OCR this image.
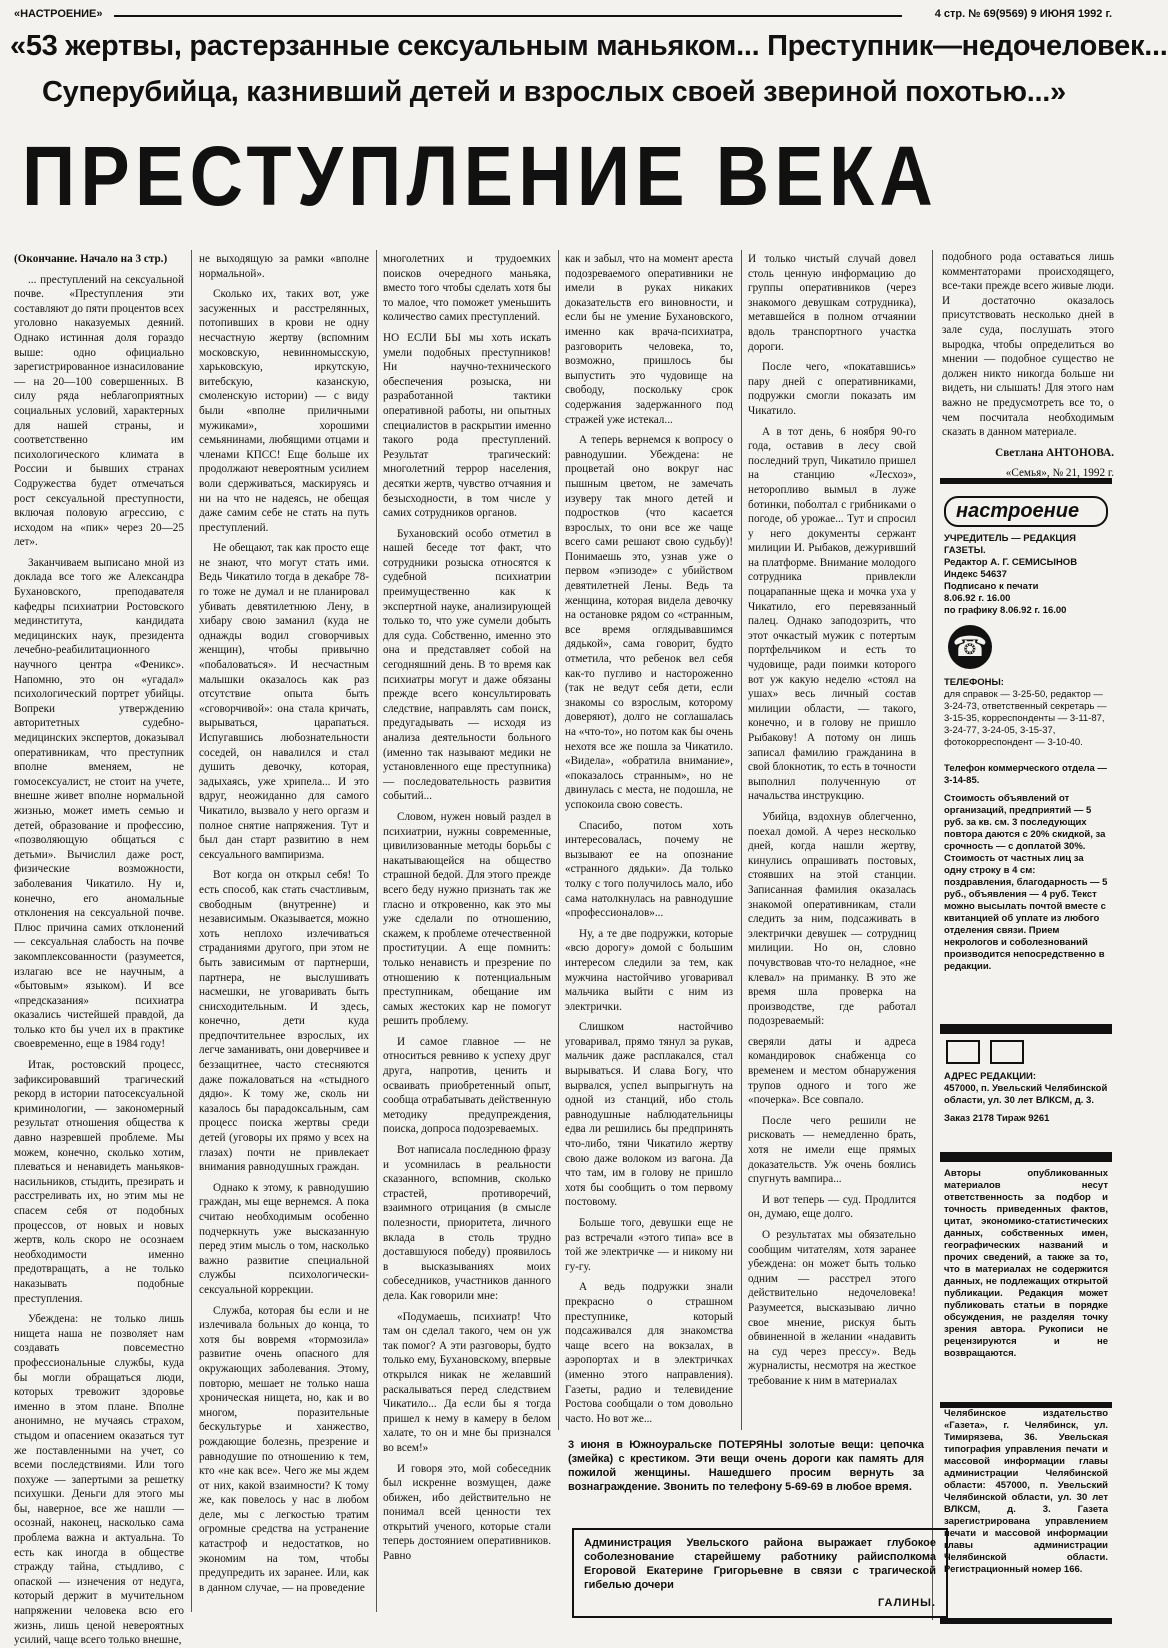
«НАСТРОЕНИЕ»	4 стр. № 69(9569) 9 ИЮНЯ 1992 г.
«53 жертвы, растерзанные сексуальным маньяком... Преступник—недочеловек...
Суперубийца, казнивший детей и взрослых своей звериной похотью...»
ПРЕСТУПЛЕНИЕ ВЕКА

(Окончание. Начало на 3 стр.)

... преступлений на сексуальной почве. «Преступления эти составляют до пяти процентов всех уголовно наказуемых деяний. Однако истинная доля гораздо выше: одно официально зарегистрированное изнасилование — на 20—100 совершенных. В силу ряда неблагоприятных социальных условий, характерных для нашей страны, и соответственно им психологического климата в России и бывших странах Содружества будет отмечаться рост сексуальной преступности, включая половую агрессию, с исходом на «пик» через 20—25 лет».

Заканчиваем выписано мной из доклада все того же Александра Бухановского, преподавателя кафедры психиатрии Ростовского мединститута, кандидата медицинских наук, президента лечебно-реабилитационного научного центра «Феникс». Напомню, это он «угадал» психологический портрет убийцы. Вопреки утверждению авторитетных судебно-медицинских экспертов, доказывал оперативникам, что преступник вполне вменяем, не гомосексуалист, не стоит на учете, внешне живет вполне нормальной жизнью, может иметь семью и детей, образование и профессию, «позволяющую общаться с детьми». Вычислил даже рост, физические возможности, заболевания Чикатило. Ну и, конечно, его аномальные отклонения на сексуальной почве. Плюс причина самих отклонений — сексуальная слабость на почве закомплексованности (разумеется, излагаю все не научным, а «бытовым» языком). И все «предсказания» психиатра оказались чистейшей правдой, да только кто бы учел их в практике своевременно, еще в 1984 году!

Итак, ростовский процесс, зафиксировавший трагический рекорд в истории патосексуальной криминологии, — закономерный результат отношения общества к давно назревшей проблеме. Мы можем, конечно, сколько хотим, плеваться и ненавидеть маньяков-насильников, стыдить, презирать и расстреливать их, но этим мы не спасем себя от подобных процессов, от новых и новых жертв, коль скоро не осознаем необходимости именно предотвращать, а не только наказывать подобные преступления.

Убеждена: не только лишь нищета наша не позволяет нам создавать повсеместно профессиональные службы, куда бы могли обращаться люди, которых тревожит здоровье именно в этом плане. Вполне анонимно, не мучаясь страхом, стыдом и опасением оказаться тут же поставленными на учет, со всеми последствиями. Или того похуже — запертыми за решетку психушки. Деньги для этого мы бы, наверное, все же нашли — осознай, наконец, насколько сама проблема важна и актуальна. То есть как иногда в обществе стражду тайна, стыдливо, с опаской — изнечения от недуга, который держит в мучительном напряжении человека всю его жизнь, лишь ценой невероятных усилий, чаще всего только внешне,

не выходящую за рамки «вполне нормальной».

Сколько их, таких вот, уже засуженных и расстрелянных, потопивших в крови не одну несчастную жертву (вспомним московскую, невинномысскую, харьковскую, иркутскую, витебскую, казанскую, смоленскую истории) — с виду были «вполне приличными мужиками», хорошими семьянинами, любящими отцами и членами КПСС! Еще больше их продолжают невероятным усилием воли сдерживаться, маскируясь и ни на что не надеясь, не обещая даже самим себе не стать на путь преступлений.

Не обещают, так как просто еще не знают, что могут стать ими. Ведь Чикатило тогда в декабре 78-го тоже не думал и не планировал убивать девятилетнюю Лену, в хибару свою заманил (куда не однажды водил сговорчивых женщин), чтобы привычно «побаловаться». И несчастным малышки оказалось как раз отсутствие опыта быть «сговорчивой»: она стала кричать, вырываться, царапаться. Испугавшись любознательности соседей, он навалился и стал душить девочку, которая, задыхаясь, уже хрипела... И это вдруг, неожиданно для самого Чикатило, вызвало у него оргазм и полное снятие напряжения. Тут и был дан старт развитию в нем сексуального вампиризма.

Вот когда он открыл себя! То есть способ, как стать счастливым, свободным (внутренне) и независимым. Оказывается, можно хоть неплохо излечиваться страданиями другого, при этом не быть зависимым от партнерши, партнера, не выслушивать насмешки, не уговаривать быть снисходительным. И здесь, конечно, дети куда предпочтительнее взрослых, их легче заманивать, они доверчивее и беззащитнее, часто стесняются даже пожаловаться на «стыдного дядю». К тому же, сколь ни казалось бы парадоксальным, сам процесс поиска жертвы среди детей (уговоры их прямо у всех на глазах) почти не привлекает внимания равнодушных граждан.

Однако к этому, к равнодушию граждан, мы еще вернемся. А пока считаю необходимым особенно подчеркнуть уже высказанную перед этим мысль о том, насколько важно развитие специальной службы психологически-сексуальной коррекции.

Служба, которая бы если и не излечивала больных до конца, то хотя бы вовремя «тормозила» развитие очень опасного для окружающих заболевания. Этому, повторю, мешает не только наша хроническая нищета, но, как и во многом, поразительные бескультурье и ханжество, рождающие болезнь, презрение и равнодушие по отношению к тем, кто «не как все». Чего же мы ждем от них, какой взаимности? К тому же, как повелось у нас в любом деле, мы с легкостью тратим огромные средства на устранение катастроф и недостатков, но экономим на том, чтобы предупредить их заранее. Или, как в данном случае, — на проведение

многолетних и трудоемких поисков очередного маньяка, вместо того чтобы сделать хотя бы то малое, что поможет уменьшить количество самих преступлений.

НО ЕСЛИ БЫ мы хоть искать умели подобных преступников! Ни научно-технического обеспечения розыска, ни разработанной тактики оперативной работы, ни опытных специалистов в раскрытии именно такого рода преступлений. Результат трагический: многолетний террор населения, десятки жертв, чувство отчаяния и безысходности, в том числе у самих сотрудников органов.

Бухановский особо отметил в нашей беседе тот факт, что сотрудники розыска относятся к судебной психиатрии преимущественно как к экспертной науке, анализирующей только то, что уже сумели добыть для суда. Собственно, именно это она и представляет собой на сегодняшний день. В то время как психиатры могут и даже обязаны прежде всего консультировать следствие, направлять сам поиск, предугадывать — исходя из анализа деятельности больного (именно так называют медики не установленного еще преступника) — последовательность развития событий...

Словом, нужен новый раздел в психиатрии, нужны современные, цивилизованные методы борьбы с накатывающейся на общество страшной бедой. Для этого прежде всего беду нужно признать так же гласно и откровенно, как это мы уже сделали по отношению, скажем, к проблеме отечественной проституции. А еще помнить: только ненависть и презрение по отношению к потенциальным преступникам, обещание им самых жестоких кар не помогут решить проблему.

И самое главное — не относиться ревниво к успеху друг друга, напротив, ценить и осваивать приобретенный опыт, сообща отрабатывать действенную методику предупреждения, поиска, допроса подозреваемых.

Вот написала последнюю фразу и усомнилась в реальности сказанного, вспомнив, сколько страстей, противоречий, взаимного отрицания (в смысле полезности, приоритета, личного вклада в столь трудно доставшуюся победу) проявилось в высказываниях моих собеседников, участников данного дела. Как говорили мне:

«Подумаешь, психиатр! Что там он сделал такого, чем он уж так помог? А эти разговоры, будто только ему, Бухановскому, впервые открылся никак не желавший раскалываться перед следствием Чикатило... Да если бы я тогда пришел к нему в камеру в белом халате, то он и мне бы признался во всем!»

И говоря это, мой собеседник был искренне возмущен, даже обижен, ибо действительно не понимал всей ценности тех открытий ученого, которые стали теперь достоянием оперативников. Равно

как и забыл, что на момент ареста подозреваемого оперативники не имели в руках никаких доказательств его виновности, и если бы не умение Бухановского, именно как врача-психиатра, разговорить человека, то, возможно, пришлось бы выпустить это чудовище на свободу, поскольку срок содержания задержанного под стражей уже истекал...

А теперь вернемся к вопросу о равнодушии. Убеждена: не процветай оно вокруг нас пышным цветом, не замечать изуверу так много детей и подростков (что касается взрослых, то они все же чаще всего сами решают свою судьбу)! Понимаешь это, узнав уже о первом «эпизоде» с убийством девятилетней Лены. Ведь та женщина, которая видела девочку на остановке рядом со «странным, все время оглядывавшимся дядькой», сама говорит, будто отметила, что ребенок вел себя как-то пугливо и настороженно (так не ведут себя дети, если знакомы со взрослым, которому доверяют), долго не соглашалась на «что-то», но потом как бы очень нехотя все же пошла за Чикатило. «Видела», «обратила внимание», «показалось странным», но не двинулась с места, не подошла, не успокоила свою совесть.

Спасибо, потом хоть интересовалась, почему не вызывают ее на опознание «странного дядьки». Да только толку с того получилось мало, ибо сама натолкнулась на равнодушие «профессионалов»...

Ну, а те две подружки, которые «всю дорогу» домой с большим интересом следили за тем, как мужчина настойчиво уговаривал мальчика выйти с ним из электрички.

Слишком настойчиво уговаривал, прямо тянул за рукав, мальчик даже расплакался, стал вырываться. И слава Богу, что вырвался, успел выпрыгнуть на одной из станций, ибо столь равнодушные наблюдательницы едва ли решились бы предпринять что-либо, тяни Чикатило жертву свою даже волоком из вагона. Да что там, им в голову не пришло хотя бы сообщить о том первому постовому.

Больше того, девушки еще не раз встречали «этого типа» все в той же электричке — и никому ни гу-гу.

А ведь подружки знали прекрасно о страшном преступнике, который подсаживался для знакомства чаще всего на вокзалах, в аэропортах и в электричках (именно этого направления). Газеты, радио и телевидение Ростова сообщали о том довольно часто. Но вот же...

И только чистый случай довел столь ценную информацию до группы оперативников (через знакомого девушкам сотрудника), метавшейся в полном отчаянии вдоль транспортного участка дороги.

После чего, «покатавшись» пару дней с оперативниками, подружки смогли показать им Чикатило.

А в тот день, 6 ноября 90-го года, оставив в лесу свой последний труп, Чикатило пришел на станцию «Лесхоз», неторопливо вымыл в луже ботинки, поболтал с грибниками о погоде, об урожае... Тут и спросил у него документы сержант милиции И. Рыбаков, дежуривший на платформе. Внимание молодого сотрудника привлекли поцарапанные щека и мочка уха у Чикатило, его перевязанный палец. Однако заподозрить, что этот очкастый мужик с потертым портфельчиком и есть то чудовище, ради поимки которого вот уж какую неделю «стоял на ушах» весь личный состав милиции области, — такого, конечно, и в голову не пришло Рыбакову! А потому он лишь записал фамилию гражданина в свой блокнотик, то есть в точности выполнил полученную от начальства инструкцию.

Убийца, вздохнув облегченно, поехал домой. А через несколько дней, когда нашли жертву, кинулись опрашивать постовых, стоявших на этой станции. Записанная фамилия оказалась знакомой оперативникам, стали следить за ним, подсаживать в электрички девушек — сотрудниц милиции. Но он, словно почувствовав что-то неладное, «не клевал» на приманку. В это же время шла проверка на производстве, где работал подозреваемый:

сверяли даты и адреса командировок снабженца со временем и местом обнаружения трупов одного и того же «почерка». Все совпало.

После чего решили не рисковать — немедленно брать, хотя не имели еще прямых доказательств. Уж очень боялись спугнуть вампира...

И вот теперь — суд. Продлится он, думаю, еще долго.

О результатах мы обязательно сообщим читателям, хотя заранее убеждена: он может быть только одним — расстрел этого действительно недочеловека! Разумеется, высказываю лично свое мнение, рискуя быть обвиненной в желании «надавить на суд через прессу». Ведь журналисты, несмотря на жесткое требование к ним в материалах

подобного рода оставаться лишь комментаторами происходящего, все-таки прежде всего живые люди. И достаточно оказалось присутствовать несколько дней в зале суда, послушать этого выродка, чтобы определиться во мнении — подобное существо не должен никто никогда больше ни видеть, ни слышать! Для этого нам важно не предусмотреть все то, о чем посчитала необходимым сказать в данном материале.

Светлана АНТОНОВА.

«Семья», № 21, 1992 г.

настроение
УЧРЕДИТЕЛЬ — РЕДАКЦИЯ ГАЗЕТЫ.
Редактор А. Г. СЕМИСЫНОВ
Индекс 54637
Подписано к печати
8.06.92 г. 16.00
по графику 8.06.92 г. 16.00
☎
ТЕЛЕФОНЫ:
для справок — 3-25-50, редактор — 3-24-73, ответственный секретарь — 3-15-35, корреспонденты — 3-11-87, 3-24-77, 3-24-05, 3-15-37, фотокорреспондент — 3-10-40.
Телефон коммерческого отдела — 3-14-85.
Стоимость объявлений от организаций, предприятий — 5 руб. за кв. см. 3 последующих повтора даются с 20% скидкой, за срочность — с доплатой 30%. Стоимость от частных лиц за одну строку в 4 см: поздравления, благодарность — 5 руб., объявления — 4 руб. Текст можно высылать почтой вместе с квитанцией об уплате из любого отделения связи. Прием некрологов и соболезнований производится непосредственно в редакции.
АДРЕС РЕДАКЦИИ:
457000, п. Увельский Челябинской области, ул. 30 лет ВЛКСМ, д. 3.
Заказ 2178 Тираж 9261
Авторы опубликованных материалов несут ответственность за подбор и точность приведенных фактов, цитат, экономико-статистических данных, собственных имен, географических названий и прочих сведений, а также за то, что в материалах не содержится данных, не подлежащих открытой публикации. Редакция может публиковать статьи в порядке обсуждения, не разделяя точку зрения автора. Рукописи не рецензируются и не возвращаются.
Челябинское издательство «Газета», г. Челябинск, ул. Тимирязева, 36. Увельская типография управления печати и массовой информации главы администрации Челябинской области: 457000, п. Увельский Челябинской области, ул. 30 лет ВЛКСМ, д. 3. Газета зарегистрирована управлением печати и массовой информации главы администрации Челябинской области. Регистрационный номер 166.
3 июня в Южноуральске ПОТЕРЯНЫ золотые вещи: цепочка (змейка) с крестиком. Эти вещи очень дороги как память для пожилой женщины. Нашедшего просим вернуть за вознаграждение. Звонить по телефону 5-69-69 в любое время.
Администрация Увельского района выражает глубокое соболезнование старейшему работнику райисполкома Егоровой Екатерине Григорьевне в связи с трагической гибелью дочери
ГАЛИНЫ.
